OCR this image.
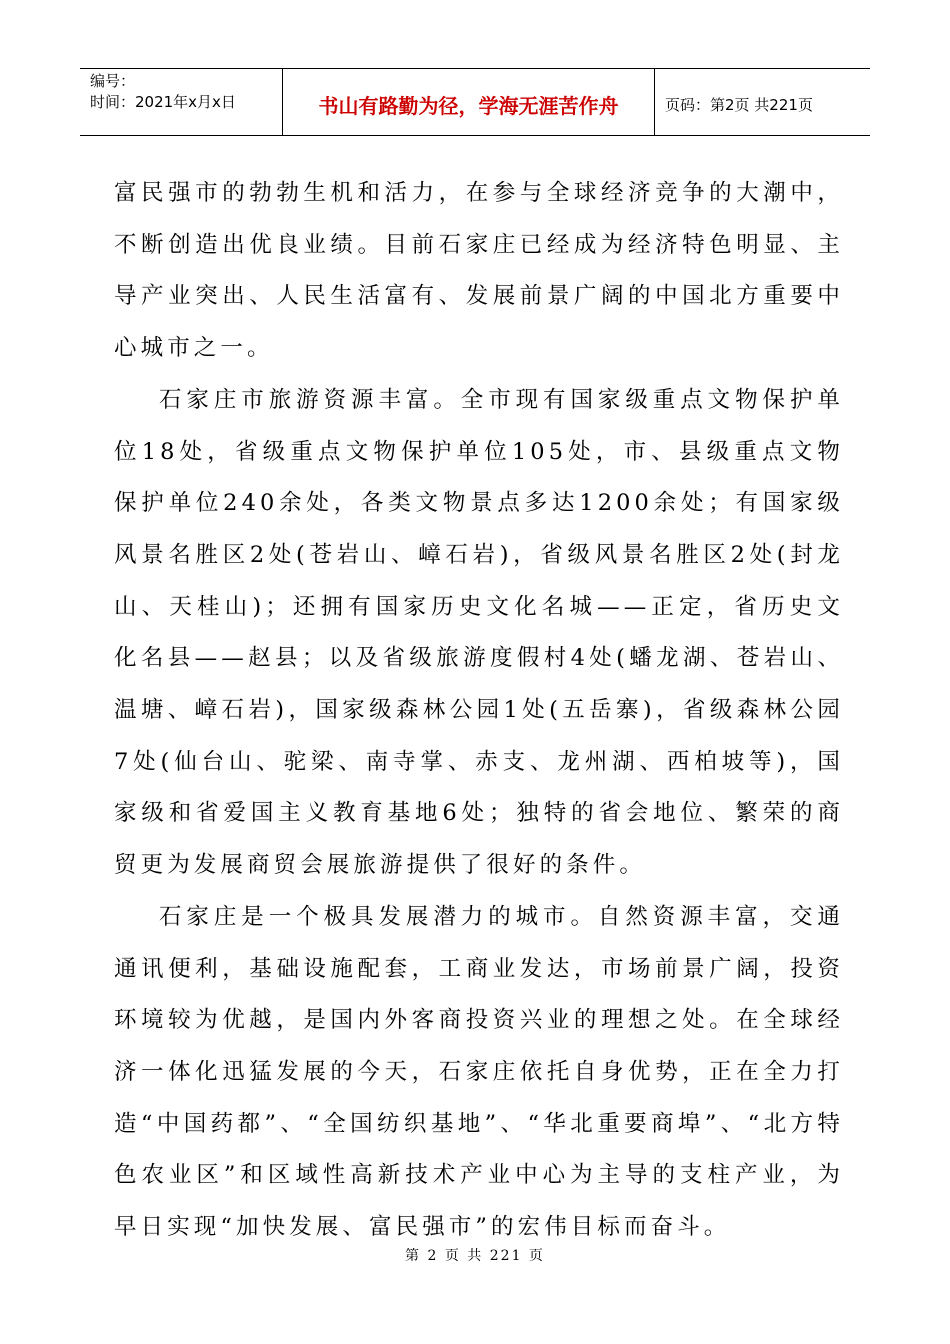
编号：
时间：2021年x月x日	书山有路勤为径，学海无涯苦作舟	页码：第2页 共221页

富民强市的勃勃生机和活力，在参与全球经济竞争的大潮中，不断创造出优良业绩。目前石家庄已经成为经济特色明显、主导产业突出、人民生活富有、发展前景广阔的中国北方重要中心城市之一。

石家庄市旅游资源丰富。全市现有国家级重点文物保护单位18处，省级重点文物保护单位105处，市、县级重点文物保护单位240余处，各类文物景点多达1200余处；有国家级风景名胜区2处(苍岩山、嶂石岩)，省级风景名胜区2处(封龙山、天桂山)；还拥有国家历史文化名城——正定，省历史文化名县——赵县；以及省级旅游度假村4处(蟠龙湖、苍岩山、温塘、嶂石岩)，国家级森林公园1处(五岳寨)，省级森林公园7处(仙台山、驼梁、南寺掌、赤支、龙州湖、西柏坡等)，国家级和省爱国主义教育基地6处；独特的省会地位、繁荣的商贸更为发展商贸会展旅游提供了很好的条件。

石家庄是一个极具发展潜力的城市。自然资源丰富，交通通讯便利，基础设施配套，工商业发达，市场前景广阔，投资环境较为优越，是国内外客商投资兴业的理想之处。在全球经济一体化迅猛发展的今天，石家庄依托自身优势，正在全力打造“中国药都”、“全国纺织基地”、“华北重要商埠”、“北方特色农业区”和区域性高新技术产业中心为主导的支柱产业，为早日实现“加快发展、富民强市”的宏伟目标而奋斗。

第 2 页 共 221 页
